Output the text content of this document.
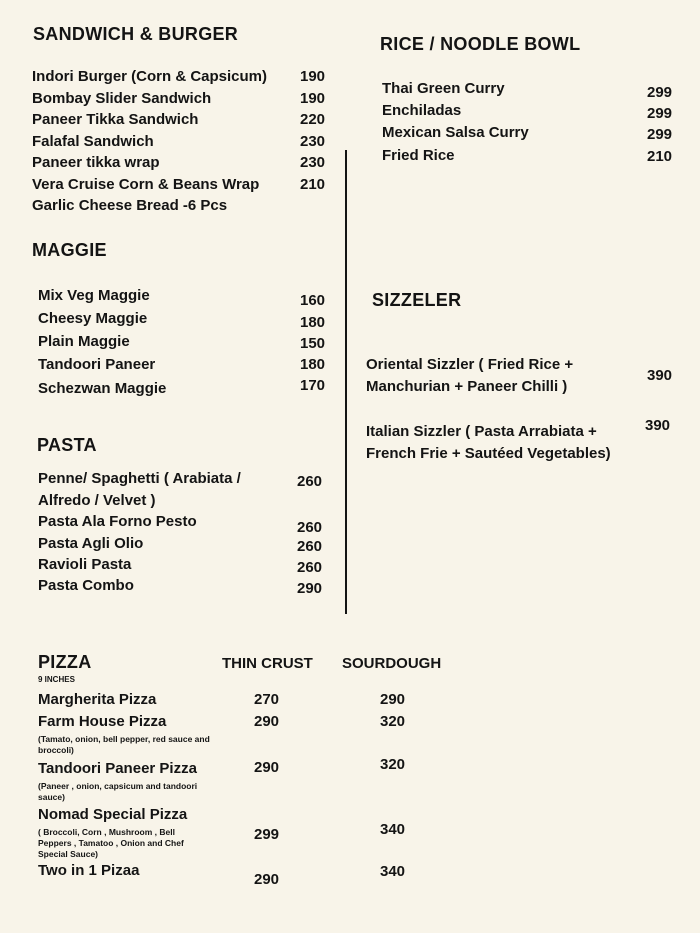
SANDWICH & BURGER
Indori Burger (Corn & Capsicum) 190
Bombay Slider Sandwich	190
Paneer Tikka Sandwich	220
Falafal Sandwich	230
Paneer tikka wrap	230
Vera Cruise Corn & Beans Wrap	210
Garlic Cheese Bread -6 Pcs
MAGGIE
Mix Veg Maggie	160
Cheesy Maggie	180
Plain Maggie	150
Tandoori Paneer	180
Schezwan Maggie	170
PASTA
Penne/ Spaghetti ( Arabiata /
Alfredo / Velvet )
260
Pasta Ala Forno Pesto	260
Pasta Agli Olio	260
Ravioli Pasta	260
Pasta Combo	290
RICE / NOODLE BOWL
Thai Green Curry	299
Enchiladas	299
Mexican Salsa Curry	299
Fried Rice	210
SIZZELER
Oriental Sizzler ( Fried Rice +
Manchurian + Paneer Chilli )
390
Italian Sizzler ( Pasta Arrabiata +
French Frie + Sautéed Vegetables)
390
PIZZA
9 INCHES
THIN CRUST SOURDOUGH
Margherita Pizza	270	290
Farm House Pizza
(Tamato, onion, bell pepper, red sauce and broccoli)
290	320
Tandoori Paneer Pizza
(Paneer , onion, capsicum and tandoori sauce)
290	320
Nomad Special Pizza
( Broccoli, Corn , Mushroom , Bell Peppers , Tamatoo , Onion and Chef Special Sauce)
299	340
Two in 1 Pizaa
290	340
